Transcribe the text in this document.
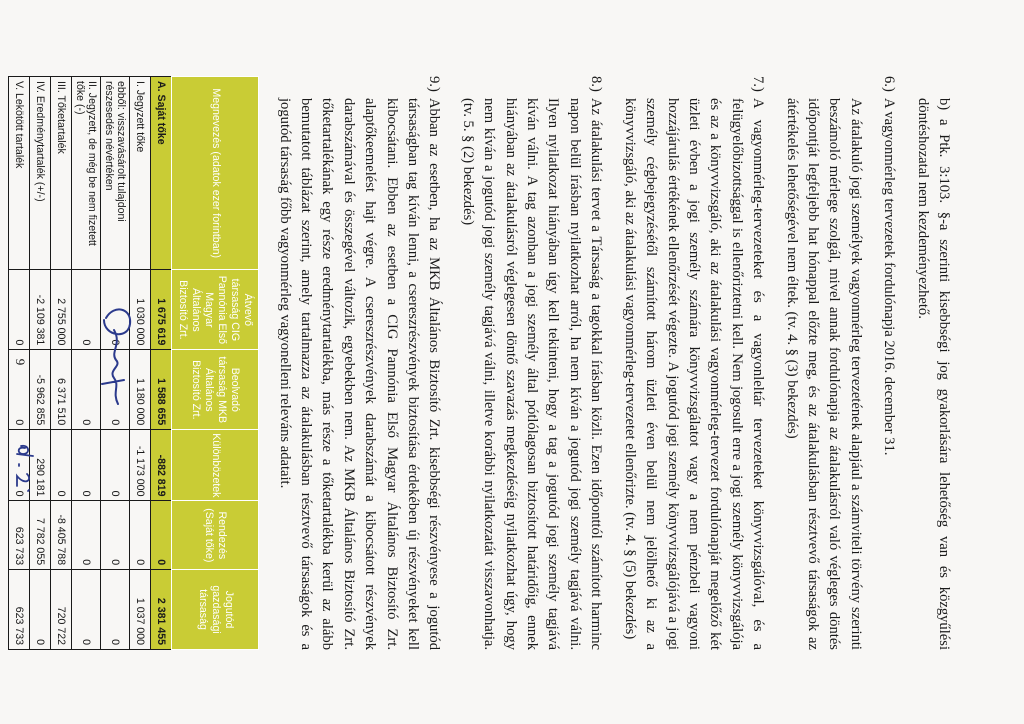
b) a Ptk. 3:103. §-a szerinti kisebbségi jog gyakorlására lehetőség van és közgyűlési döntéshozatal nem kezdeményezhető.

6.)
A vagyonmérleg tervezetek fordulónapja 2016. december 31.

Az átalakuló jogi személyek vagyonmérleg tervezetének alapjául a számviteli törvény szerinti beszámoló mérlege szolgál, mivel annak fordulónapja az átalakulásról való végleges döntés időpontját legfeljebb hat hónappal előzte meg, és az átalakulásban résztvevő társaságok az átértékelés lehetőségével nem éltek. (tv. 4. § (3) bekezdés)

7.)
A vagyonmérleg-tervezeteket és a vagyonleltár tervezeteket könyvvizsgálóval, és a felügyelőbizottsággal is ellenőriztetni kell. Nem jogosult erre a jogi személy könyvvizsgálója és az a könyvvizsgáló, aki az átalakulási vagyonmérleg-tervezet fordulónapját megelőző két üzleti évben a jogi személy számára könyvvizsgálatot vagy a nem pénzbeli vagyoni hozzájárulás értékének ellenőrzését végezte. A jogutód jogi személy könyvvizsgálójává a jogi személy cégbejegyzésétől számított három üzleti éven belül nem jelölhető ki az a könyvvizsgáló, aki az átalakulási vagyonmérleg-tervezetet ellenőrizte. (tv. 4. § (5) bekezdés)
8.)
Az átalakulási tervet a Társaság a tagokkal írásban közli. Ezen időponttól számított harminc napon belül írásban nyilatkozhat arról, ha nem kíván a jogutód jogi személy tagjává válni. Ilyen nyilatkozat hiányában úgy kell tekinteni, hogy a tag a jogutód jogi személy tagjává kíván válni. A tag azonban a jogi személy által pótlólagosan biztosított határidőig, ennek hiányában az átalakulásról véglegesen döntő szavazás megkezdéséig nyilatkozhat úgy, hogy nem kíván a jogutód jogi személy tagjává válni, illetve korábbi nyilatkozatát visszavonhatja. (tv. 5. § (2) bekezdés)
9.)
Abban az esetben, ha az MKB Általános Biztosító Zrt. kisebbségi részvényese a jogutód társaságban tag kíván lenni, a csereszrészvények biztosítása érdekében új részvényeket kell kibocsátani. Ebben az esetben a CIG Pannónia Első Magyar Általános Biztosító Zrt. alaptőkeemelést hajt végre. A csereszrészvények darabszámát a kibocsátott részvények darabszámával és összegével változik, egyebekben nem. Az MKB Általános Biztosító Zrt. tőketartalékának egy része eredménytartalékba, más része a tőketartalékba kerül az alább bemutatott táblázat szerint, amely tartalmazza az átalakulásban résztvevő társaságok és a jogutód társaság főbb vagyonmérleg vagyonelleni releváns adatait.
Megnevezés (adatok ezer forintban)	Átvevő társaság CIG Pannónia Első Magyar Általános Biztosító Zrt.	Beolvadó társaság MKB Általános Biztosító Zrt.	Különbözetek	Rendezés (Saját tőke)	Jogutód gazdasági társaság
A. Saját tőke	1 675 619	1 588 655	-882 819	0	2 381 455
I. Jegyzett tőke	1 030 000	1 180 000	-1 173 000	0	1 037 000
ebből: visszavásárolt tulajdoni részesedés névértéken	0	0	0	0	0
II. Jegyzett, de még be nem fizetett tőke (-)	0	0	0	0	0
III. Tőketartalék	2 755 000	6 371 510	0	-8 405 788	720 722
IV. Eredménytartalék (+/-)	-2 109 381	-5 962 855	290 181	7 782 055	0
V. Lekötött tartalék	0	0	0	623 733	623 733
9
